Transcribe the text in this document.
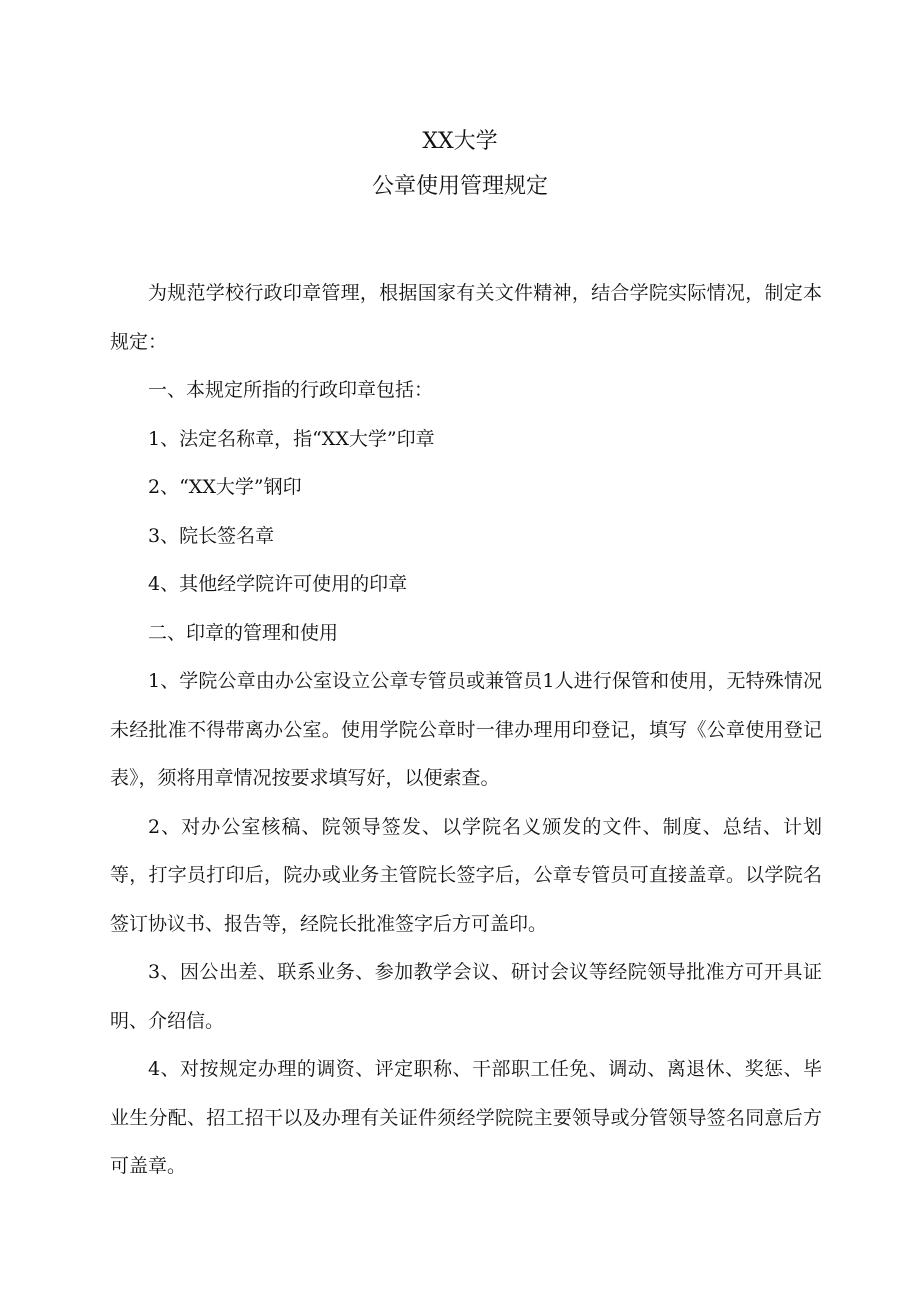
XX大学
公章使用管理规定

为规范学校行政印章管理，根据国家有关文件精神，结合学院实际情况，制定本规定：

一、本规定所指的行政印章包括：

1、法定名称章，指“XX大学”印章

2、“XX大学”钢印

3、院长签名章

4、其他经学院许可使用的印章

二、印章的管理和使用

1、学院公章由办公室设立公章专管员或兼管员1人进行保管和使用，无特殊情况未经批准不得带离办公室。使用学院公章时一律办理用印登记，填写《公章使用登记表》，须将用章情况按要求填写好，以便索查。

2、对办公室核稿、院领导签发、以学院名义颁发的文件、制度、总结、计划等，打字员打印后，院办或业务主管院长签字后，公章专管员可直接盖章。以学院名签订协议书、报告等，经院长批准签字后方可盖印。

3、因公出差、联系业务、参加教学会议、研讨会议等经院领导批准方可开具证明、介绍信。

4、对按规定办理的调资、评定职称、干部职工任免、调动、离退休、奖惩、毕业生分配、招工招干以及办理有关证件须经学院院主要领导或分管领导签名同意后方可盖章。
